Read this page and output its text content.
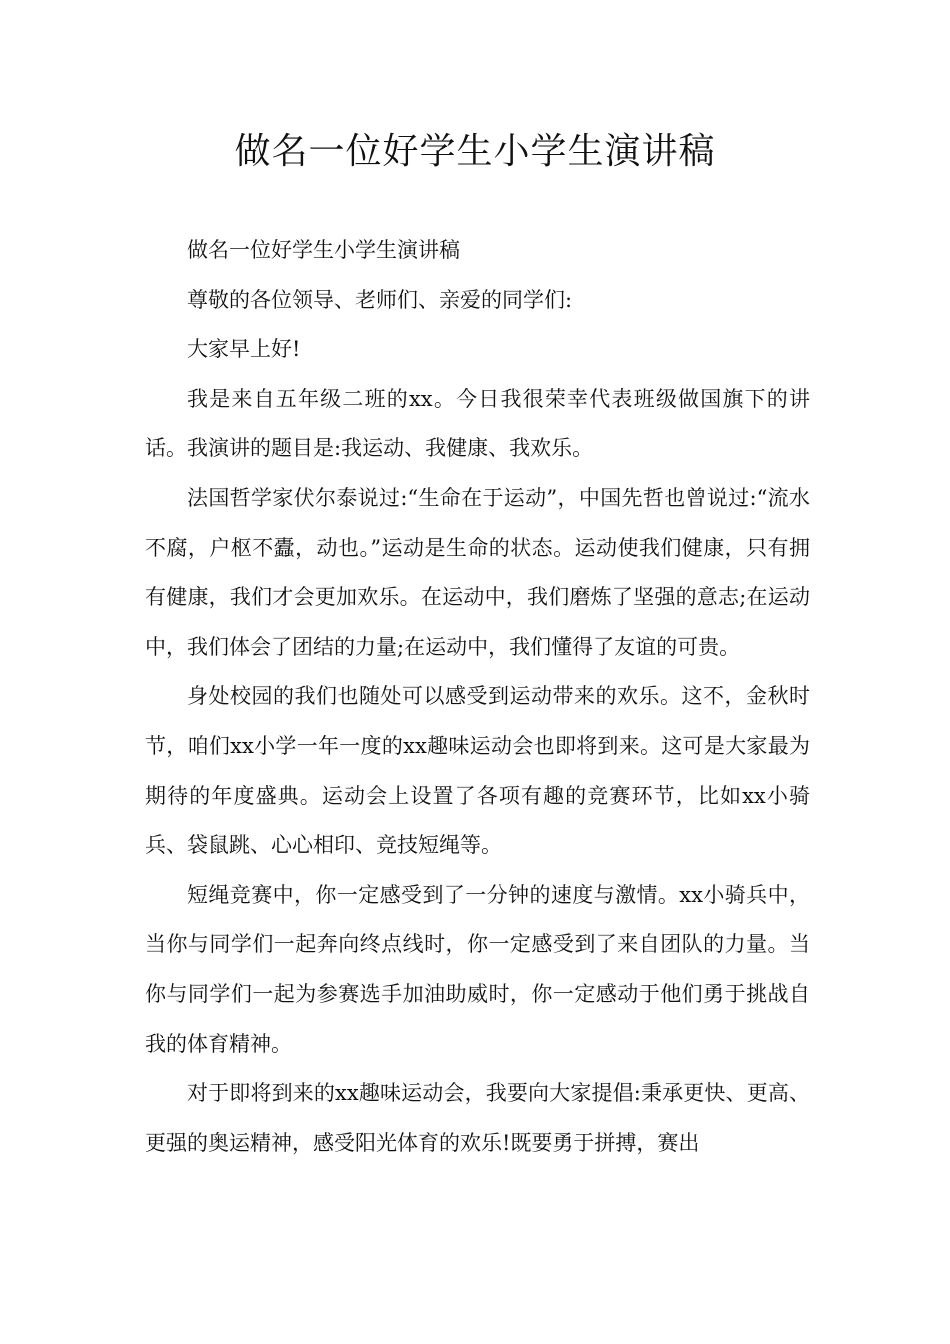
做名一位好学生小学生演讲稿

做名一位好学生小学生演讲稿

尊敬的各位领导、老师们、亲爱的同学们:

大家早上好!

我是来自五年级二班的xx。今日我很荣幸代表班级做国旗下的讲话。我演讲的题目是:我运动、我健康、我欢乐。

法国哲学家伏尔泰说过:“生命在于运动”，中国先哲也曾说过:“流水不腐，户枢不蠹，动也。”运动是生命的状态。运动使我们健康，只有拥有健康，我们才会更加欢乐。在运动中，我们磨炼了坚强的意志;在运动中，我们体会了团结的力量;在运动中，我们懂得了友谊的可贵。

身处校园的我们也随处可以感受到运动带来的欢乐。这不，金秋时节，咱们xx小学一年一度的xx趣味运动会也即将到来。这可是大家最为期待的年度盛典。运动会上设置了各项有趣的竞赛环节，比如xx小骑兵、袋鼠跳、心心相印、竞技短绳等。

短绳竞赛中，你一定感受到了一分钟的速度与激情。xx小骑兵中，当你与同学们一起奔向终点线时，你一定感受到了来自团队的力量。当你与同学们一起为参赛选手加油助威时，你一定感动于他们勇于挑战自我的体育精神。

对于即将到来的xx趣味运动会，我要向大家提倡:秉承更快、更高、更强的奥运精神，感受阳光体育的欢乐!既要勇于拼搏，赛出
